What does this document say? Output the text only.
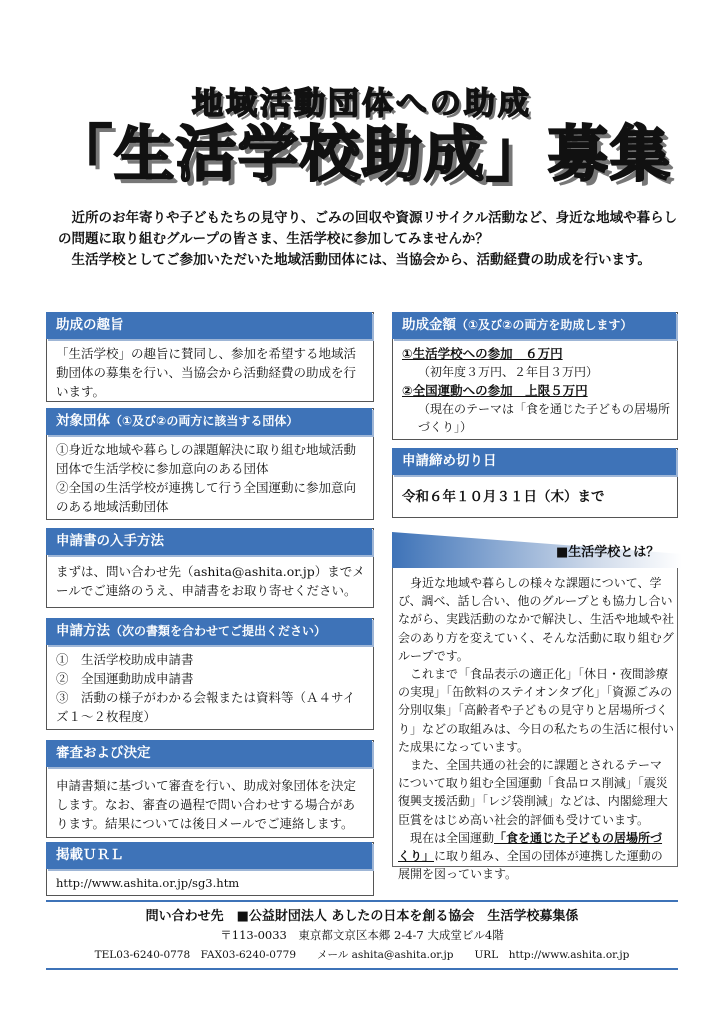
地域活動団体への助成
「生活学校助成」募集

　近所のお年寄りや子どもたちの見守り、ごみの回収や資源リサイクル活動など、身近な地域や暮らしの問題に取り組むグループの皆さま、生活学校に参加してみませんか？

　生活学校としてご参加いただいた地域活動団体には、当協会から、活動経費の助成を行います。

助成の趣旨
「生活学校」の趣旨に賛同し、参加を希望する地域活動団体の募集を行い、当協会から活動経費の助成を行います。
対象団体（①及び②の両方に該当する団体）
①身近な地域や暮らしの課題解決に取り組む地域活動団体で生活学校に参加意向のある団体
②全国の生活学校が連携して行う全国運動に参加意向のある地域活動団体
申請書の入手方法
まずは、問い合わせ先（ashita@ashita.or.jp）までメールでご連絡のうえ、申請書をお取り寄せください。
申請方法（次の書類を合わせてご提出ください）
①　生活学校助成申請書
②　全国運動助成申請書
③　活動の様子がわかる会報または資料等（Ａ４サイズ１～２枚程度）
審査および決定
申請書類に基づいて審査を行い、助成対象団体を決定します。なお、審査の過程で問い合わせする場合があります。結果については後日メールでご連絡します。
掲載ＵＲＬ
http://www.ashita.or.jp/sg3.htm
助成金額（①及び②の両方を助成します）
①生活学校への参加　６万円
（初年度３万円、２年目３万円）
②全国運動への参加　上限５万円
（現在のテーマは「食を通じた子どもの居場所づくり」）
申請締め切り日
令和６年１０月３１日（木）まで
■生活学校とは？
　身近な地域や暮らしの様々な課題について、学び、調べ、話し合い、他のグループとも協力し合いながら、実践活動のなかで解決し、生活や地域や社会のあり方を変えていく、そんな活動に取り組むグループです。
　これまで「食品表示の適正化」「休日・夜間診療の実現」「缶飲料のステイオンタブ化」「資源ごみの分別収集」「高齢者や子どもの見守りと居場所づくり」などの取組みは、今日の私たちの生活に根付いた成果になっています。
　また、全国共通の社会的に課題とされるテーマについて取り組む全国運動「食品ロス削減」「震災復興支援活動」「レジ袋削減」などは、内閣総理大臣賞をはじめ高い社会的評価も受けています。
　現在は全国運動「食を通じた子どもの居場所づくり」に取り組み、全国の団体が連携した運動の展開を図っています。
問い合わせ先　■公益財団法人 あしたの日本を創る協会　生活学校募集係
〒113-0033　東京都文京区本郷 2-4-7 大成堂ビル4階
TEL03-6240-0778　FAX03-6240-0779　　メール ashita@ashita.or.jp　　URL　http://www.ashita.or.jp
